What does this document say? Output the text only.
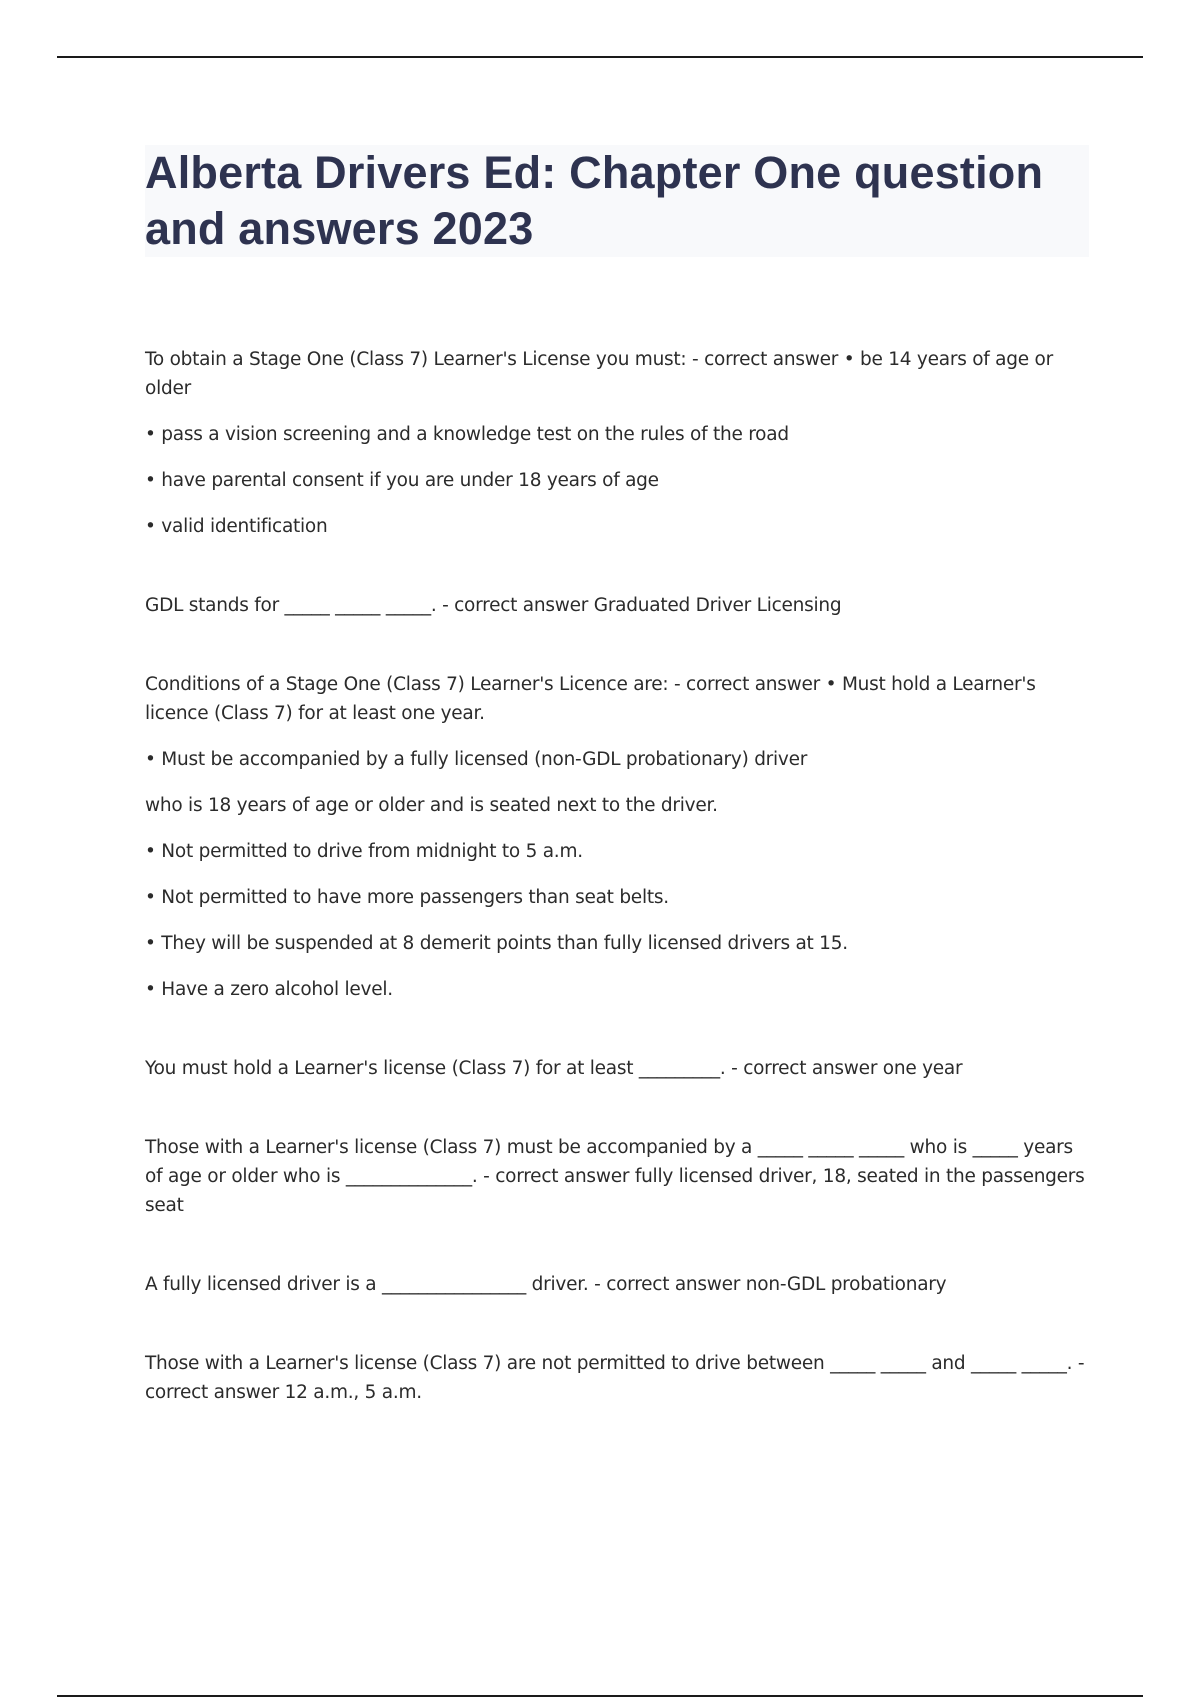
Alberta Drivers Ed: Chapter One question and answers 2023

To obtain a Stage One (Class 7) Learner's License you must: - correct answer • be 14 years of age or older

• pass a vision screening and a knowledge test on the rules of the road

• have parental consent if you are under 18 years of age

• valid identification

GDL stands for _____ _____ _____. - correct answer Graduated Driver Licensing

Conditions of a Stage One (Class 7) Learner's Licence are: - correct answer • Must hold a Learner's licence (Class 7) for at least one year.

• Must be accompanied by a fully licensed (non-GDL probationary) driver

who is 18 years of age or older and is seated next to the driver.

• Not permitted to drive from midnight to 5 a.m.

• Not permitted to have more passengers than seat belts.

• They will be suspended at 8 demerit points than fully licensed drivers at 15.

• Have a zero alcohol level.

You must hold a Learner's license (Class 7) for at least _________. - correct answer one year

Those with a Learner's license (Class 7) must be accompanied by a _____ _____ _____ who is _____ years of age or older who is ______________. - correct answer fully licensed driver, 18, seated in the passengers seat

A fully licensed driver is a ________________ driver. - correct answer non-GDL probationary

Those with a Learner's license (Class 7) are not permitted to drive between _____ _____ and _____ _____. - correct answer 12 a.m., 5 a.m.
